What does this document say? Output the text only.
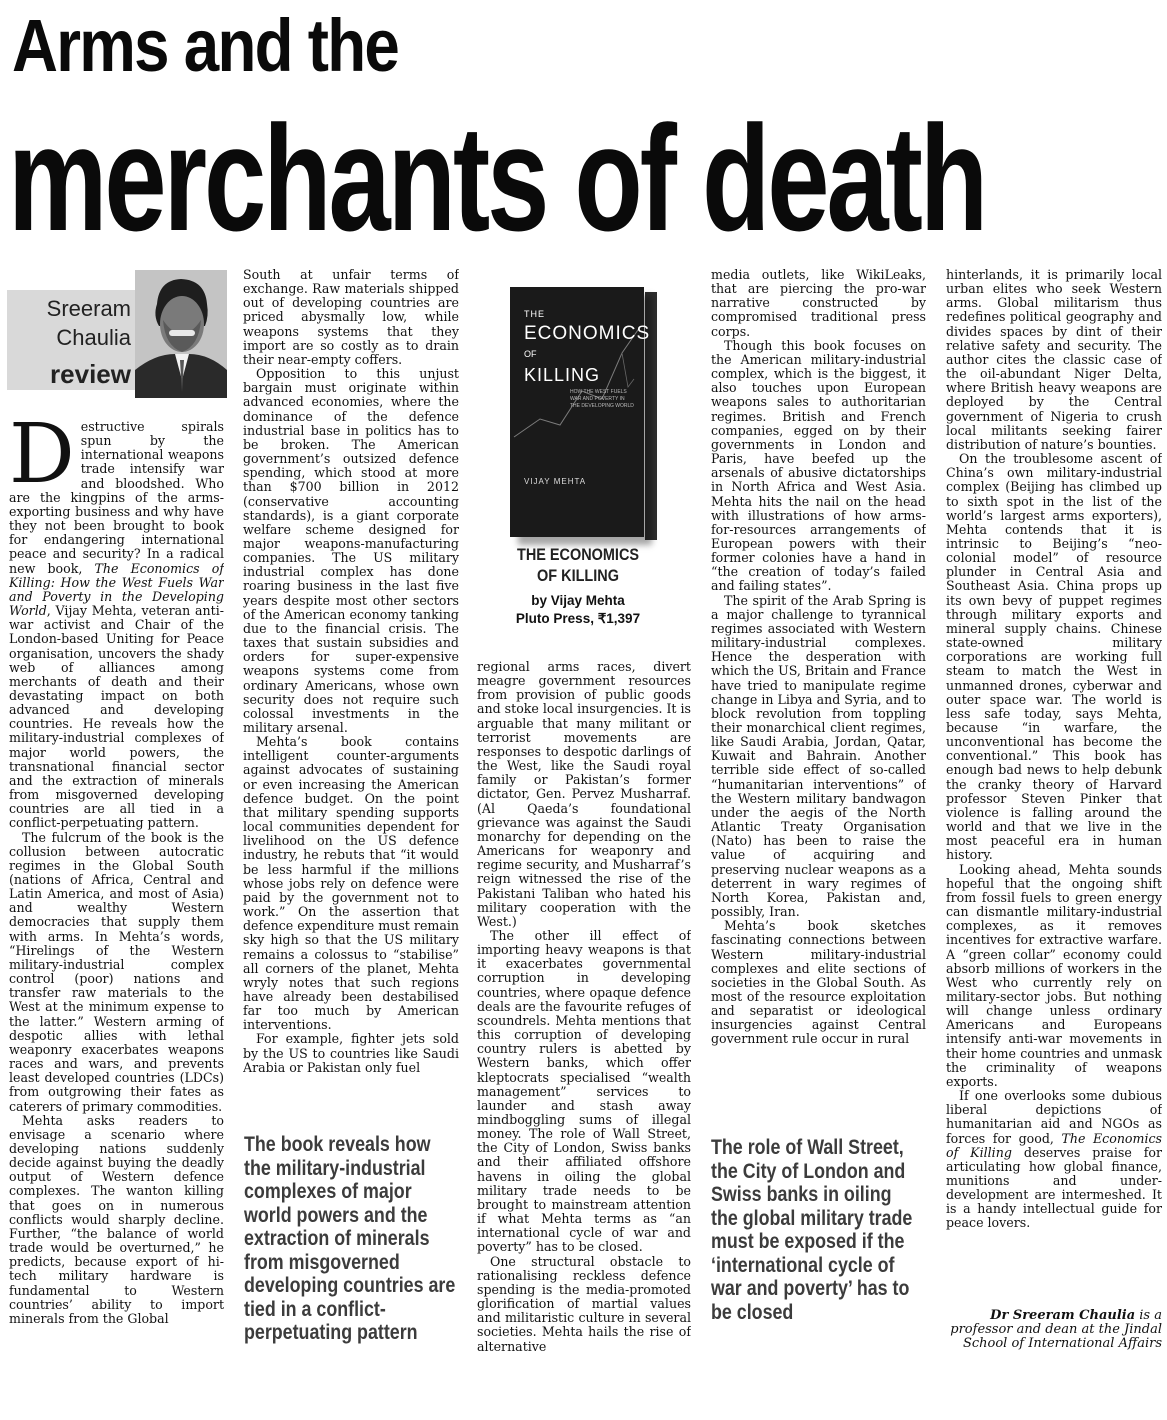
Arms and the
merchants of death
Sreeram
Chaulia
review

Destructive spirals spun by the international weapons trade intensify war and bloodshed. Who are the kingpins of the arms-exporting business and why have they not been brought to book for endangering international peace and security? In a radical new book, The Economics of Killing: How the West Fuels War and Poverty in the Developing World, Vijay Mehta, veteran anti-war activist and Chair of the London-based Uniting for Peace organisation, uncovers the shady web of alliances among merchants of death and their devastating impact on both advanced and developing countries. He reveals how the military-industrial complexes of major world powers, the transnational financial sector and the extraction of minerals from misgoverned developing countries are all tied in a conflict-perpetuating pattern.

The fulcrum of the book is the collusion between autocratic regimes in the Global South (nations of Africa, Central and Latin America, and most of Asia) and wealthy Western democracies that supply them with arms. In Mehta’s words, “Hirelings of the Western military-industrial complex control (poor) nations and transfer raw materials to the West at the minimum expense to the latter.” Western arming of despotic allies with lethal weaponry exacerbates weapons races and wars, and prevents least developed countries (LDCs) from outgrowing their fates as caterers of primary commodities.

Mehta asks readers to envisage a scenario where developing nations suddenly decide against buying the deadly output of Western defence complexes. The wanton killing that goes on in numerous conflicts would sharply decline. Further, “the balance of world trade would be overturned,” he predicts, because export of hi-tech military hardware is fundamental to Western countries’ ability to import minerals from the Global

South at unfair terms of exchange. Raw materials shipped out of developing countries are priced abysmally low, while weapons systems that they import are so costly as to drain their near-empty coffers.

Opposition to this unjust bargain must originate within advanced economies, where the dominance of the defence industrial base in politics has to be broken. The American government’s outsized defence spending, which stood at more than $700 billion in 2012 (conservative accounting standards), is a giant corporate welfare scheme designed for major weapons-manufacturing companies. The US military industrial complex has done roaring business in the last five years despite most other sectors of the American economy tanking due to the financial crisis. The taxes that sustain subsidies and orders for super-expensive weapons systems come from ordinary Americans, whose own security does not require such colossal investments in the military arsenal.

Mehta’s book contains intelligent counter-arguments against advocates of sustaining or even increasing the American defence budget. On the point that military spending supports local communities dependent for livelihood on the US defence industry, he rebuts that “it would be less harmful if the millions whose jobs rely on defence were paid by the government not to work.” On the assertion that defence expenditure must remain sky high so that the US military remains a colossus to “stabilise” all corners of the planet, Mehta wryly notes that such regions have already been destabilised far too much by American interventions.

For example, fighter jets sold by the US to countries like Saudi Arabia or Pakistan only fuel

The book reveals how the military-industrial complexes of major world powers and the extraction of minerals from misgoverned developing countries are tied in a conflict-perpetuating pattern
THE
ECONOMICS
OF
KILLING
HOW THE WEST FUELS WAR AND POVERTY IN THE DEVELOPING WORLD
VIJAY MEHTA
THE ECONOMICS
OF KILLING
by Vijay Mehta
Pluto Press, ₹1,397

regional arms races, divert meagre government resources from provision of public goods and stoke local insurgencies. It is arguable that many militant or terrorist movements are responses to despotic darlings of the West, like the Saudi royal family or Pakistan’s former dictator, Gen. Pervez Musharraf. (Al Qaeda’s foundational grievance was against the Saudi monarchy for depending on the Americans for weaponry and regime security, and Musharraf’s reign witnessed the rise of the Pakistani Taliban who hated his military cooperation with the West.)

The other ill effect of importing heavy weapons is that it exacerbates governmental corruption in developing countries, where opaque defence deals are the favourite refuges of scoundrels. Mehta mentions that this corruption of developing country rulers is abetted by Western banks, which offer kleptocrats specialised “wealth management” services to launder and stash away mindboggling sums of illegal money. The role of Wall Street, the City of London, Swiss banks and their affiliated offshore havens in oiling the global military trade needs to be brought to mainstream attention if what Mehta terms as “an international cycle of war and poverty” has to be closed.

One structural obstacle to rationalising reckless defence spending is the media-promoted glorification of martial values and militaristic culture in several societies. Mehta hails the rise of alternative

media outlets, like WikiLeaks, that are piercing the pro-war narrative constructed by compromised traditional press corps.

Though this book focuses on the American military-industrial complex, which is the biggest, it also touches upon European weapons sales to authoritarian regimes. British and French companies, egged on by their governments in London and Paris, have beefed up the arsenals of abusive dictatorships in North Africa and West Asia. Mehta hits the nail on the head with illustrations of how arms-for-resources arrangements of European powers with their former colonies have a hand in “the creation of today’s failed and failing states”.

The spirit of the Arab Spring is a major challenge to tyrannical regimes associated with Western military-industrial complexes. Hence the desperation with which the US, Britain and France have tried to manipulate regime change in Libya and Syria, and to block revolution from toppling their monarchical client regimes, like Saudi Arabia, Jordan, Qatar, Kuwait and Bahrain. Another terrible side effect of so-called “humanitarian interventions” of the Western military bandwagon under the aegis of the North Atlantic Treaty Organisation (Nato) has been to raise the value of acquiring and preserving nuclear weapons as a deterrent in wary regimes of North Korea, Pakistan and, possibly, Iran.

Mehta’s book sketches fascinating connections between Western military-industrial complexes and elite sections of societies in the Global South. As most of the resource exploitation and separatist or ideological insurgencies against Central government rule occur in rural

The role of Wall Street, the City of London and Swiss banks in oiling the global military trade must be exposed if the ‘international cycle of war and poverty’ has to be closed

hinterlands, it is primarily local urban elites who seek Western arms. Global militarism thus redefines political geography and divides spaces by dint of their relative safety and security. The author cites the classic case of the oil-abundant Niger Delta, where British heavy weapons are deployed by the Central government of Nigeria to crush local militants seeking fairer distribution of nature’s bounties.

On the troublesome ascent of China’s own military-industrial complex (Beijing has climbed up to sixth spot in the list of the world’s largest arms exporters), Mehta contends that it is intrinsic to Beijing’s “neo-colonial model” of resource plunder in Central Asia and Southeast Asia. China props up its own bevy of puppet regimes through military exports and mineral supply chains. Chinese state-owned military corporations are working full steam to match the West in unmanned drones, cyberwar and outer space war. The world is less safe today, says Mehta, because “in warfare, the unconventional has become the conventional.” This book has enough bad news to help debunk the cranky theory of Harvard professor Steven Pinker that violence is falling around the world and that we live in the most peaceful era in human history.

Looking ahead, Mehta sounds hopeful that the ongoing shift from fossil fuels to green energy can dismantle military-industrial complexes, as it removes incentives for extractive warfare. A “green collar” economy could absorb millions of workers in the West who currently rely on military-sector jobs. But nothing will change unless ordinary Americans and Europeans intensify anti-war movements in their home countries and unmask the criminality of weapons exports.

If one overlooks some dubious liberal depictions of humanitarian aid and NGOs as forces for good, The Economics of Killing deserves praise for articulating how global finance, munitions and under-development are intermeshed. It is a handy intellectual guide for peace lovers.

Dr Sreeram Chaulia is a professor and dean at the Jindal School of International Affairs
